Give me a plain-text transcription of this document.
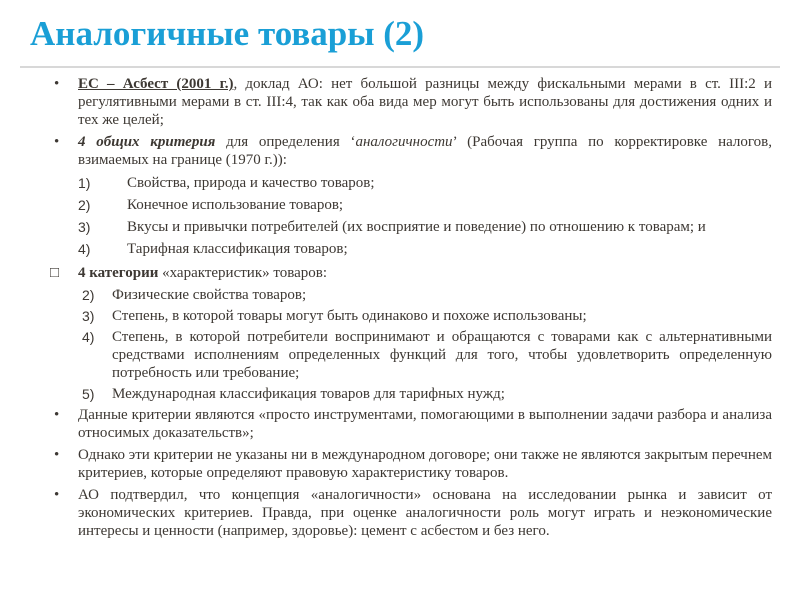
Аналогичные товары (2)
• ЕС – Асбест (2001 г.), доклад АО: нет большой разницы между фискальными мерами в ст. III:2 и регулятивными мерами в ст. III:4, так как оба вида мер могут быть использованы для достижения одних и тех же целей;
• 4 общих критерия для определения ‘аналогичности’ (Рабочая группа по корректировке налогов, взимаемых на границе (1970 г.)):
1) Свойства, природа и качество товаров;
2) Конечное использование товаров;
3) Вкусы и привычки потребителей (их восприятие и поведение) по отношению к товарам; и
4) Тарифная классификация товаров;
□ 4 категории «характеристик» товаров:
2) Физические свойства товаров;
3) Степень, в которой товары могут быть одинаково и похоже использованы;
4) Степень, в которой потребители воспринимают и обращаются с товарами как с альтернативными средствами исполнениям определенных функций для того, чтобы удовлетворить определенную потребность или требование;
5) Международная классификация товаров для тарифных нужд;
• Данные критерии являются «просто инструментами, помогающими в выполнении задачи разбора и анализа относимых доказательств»;
• Однако эти критерии не указаны ни в международном договоре; они также не являются закрытым перечнем критериев, которые определяют правовую характеристику товаров.
• АО подтвердил, что концепция «аналогичности» основана на исследовании рынка и зависит от экономических критериев. Правда, при оценке аналогичности роль могут играть и неэкономические интересы и ценности (например, здоровье): цемент с асбестом и без него.
